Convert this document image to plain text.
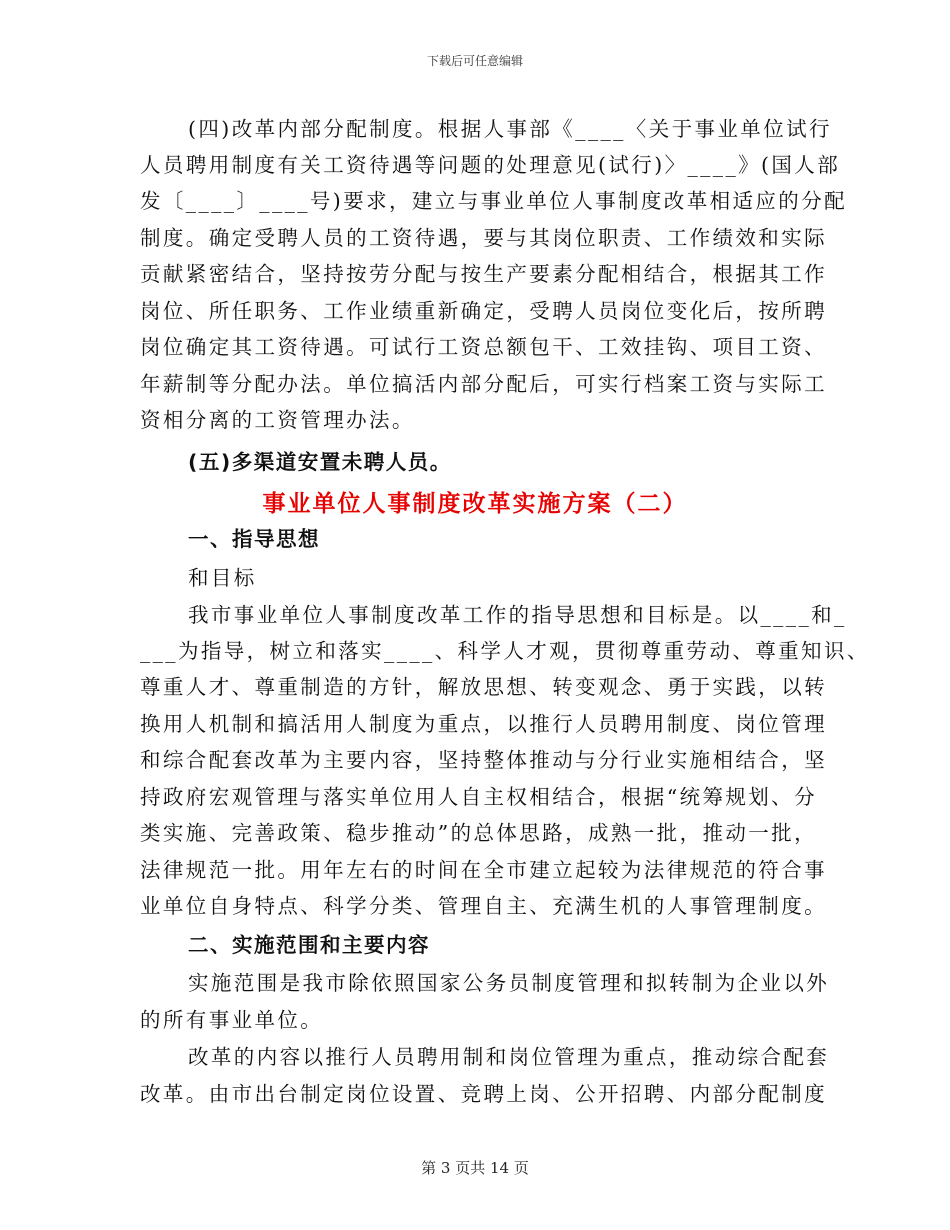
下载后可任意编辑
(四)改革内部分配制度。根据人事部《____〈关于事业单位试行
人员聘用制度有关工资待遇等问题的处理意见(试行)〉____》(国人部
发〔____〕____号)要求，建立与事业单位人事制度改革相适应的分配
制度。确定受聘人员的工资待遇，要与其岗位职责、工作绩效和实际
贡献紧密结合，坚持按劳分配与按生产要素分配相结合，根据其工作
岗位、所任职务、工作业绩重新确定，受聘人员岗位变化后，按所聘
岗位确定其工资待遇。可试行工资总额包干、工效挂钩、项目工资、
年薪制等分配办法。单位搞活内部分配后，可实行档案工资与实际工
资相分离的工资管理办法。
(五)多渠道安置未聘人员。
事业单位人事制度改革实施方案（二）
一、指导思想
和目标
我市事业单位人事制度改革工作的指导思想和目标是。以____和_
___为指导，树立和落实____、科学人才观，贯彻尊重劳动、尊重知识、
尊重人才、尊重制造的方针，解放思想、转变观念、勇于实践，以转
换用人机制和搞活用人制度为重点，以推行人员聘用制度、岗位管理
和综合配套改革为主要内容，坚持整体推动与分行业实施相结合，坚
持政府宏观管理与落实单位用人自主权相结合，根据“统筹规划、分
类实施、完善政策、稳步推动”的总体思路，成熟一批，推动一批，
法律规范一批。用年左右的时间在全市建立起较为法律规范的符合事
业单位自身特点、科学分类、管理自主、充满生机的人事管理制度。
二、实施范围和主要内容
实施范围是我市除依照国家公务员制度管理和拟转制为企业以外
的所有事业单位。
改革的内容以推行人员聘用制和岗位管理为重点，推动综合配套
改革。由市出台制定岗位设置、竞聘上岗、公开招聘、内部分配制度
第 3 页共 14 页
